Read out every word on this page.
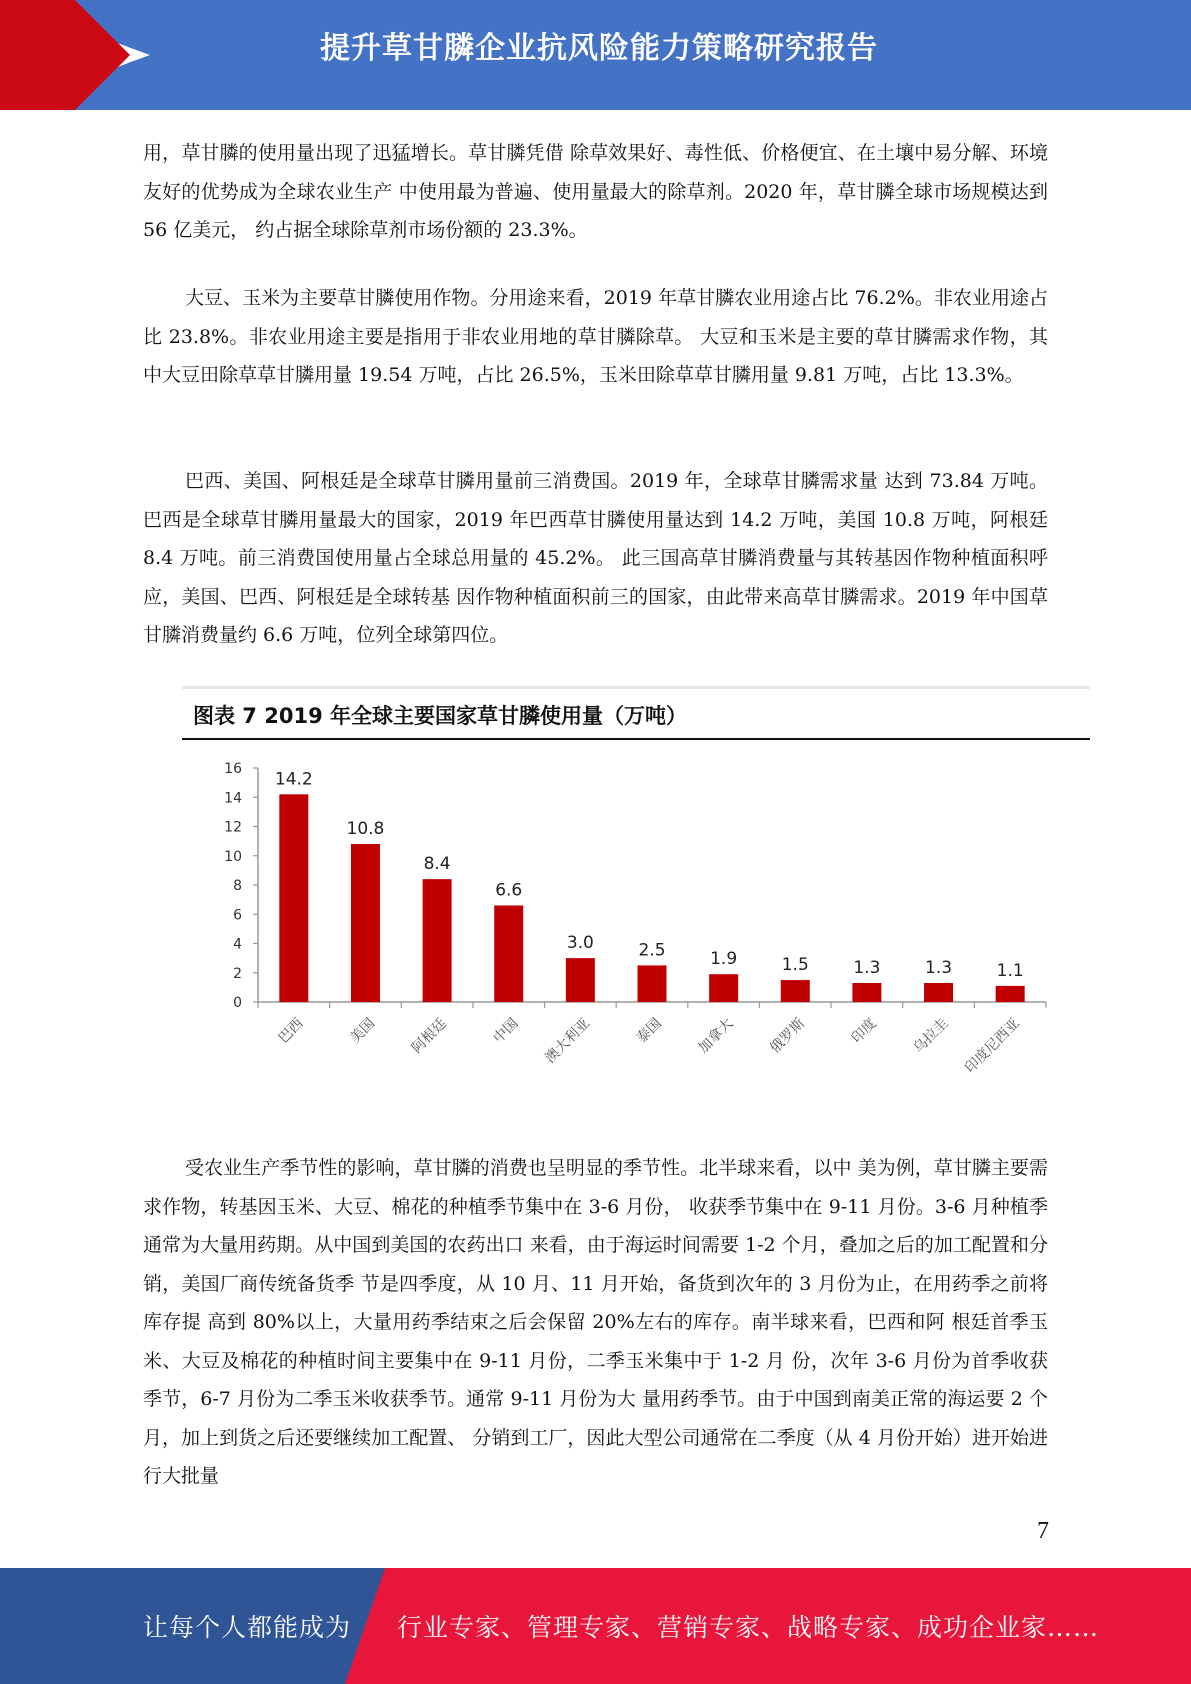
提升草甘膦企业抗风险能力策略研究报告

用，草甘膦的使用量出现了迅猛增长。草甘膦凭借 除草效果好、毒性低、价格便宜、在土壤中易分解、环境友好的优势成为全球农业生产 中使用最为普遍、使用量最大的除草剂。2020 年，草甘膦全球市场规模达到 56 亿美元， 约占据全球除草剂市场份额的 23.3%。

大豆、玉米为主要草甘膦使用作物。分用途来看，2019 年草甘膦农业用途占比 76.2%。非农业用途占比 23.8%。非农业用途主要是指用于非农业用地的草甘膦除草。 大豆和玉米是主要的草甘膦需求作物，其中大豆田除草草甘膦用量 19.54 万吨，占比 26.5%，玉米田除草草甘膦用量 9.81 万吨，占比 13.3%。

巴西、美国、阿根廷是全球草甘膦用量前三消费国。2019 年，全球草甘膦需求量 达到 73.84 万吨。巴西是全球草甘膦用量最大的国家，2019 年巴西草甘膦使用量达到 14.2 万吨，美国 10.8 万吨，阿根廷 8.4 万吨。前三消费国使用量占全球总用量的 45.2%。 此三国高草甘膦消费量与其转基因作物种植面积呼应，美国、巴西、阿根廷是全球转基 因作物种植面积前三的国家，由此带来高草甘膦需求。2019 年中国草甘膦消费量约 6.6 万吨，位列全球第四位。

图表 7 2019 年全球主要国家草甘膦使用量（万吨）
0
2
4
6
8
10
12
14
16
巴西	美国 阿根廷	中国 澳大利亚	泰国 加拿大 俄罗斯	印度 乌拉圭 印度尼西亚
14.2
10.8
8.4
6.6
3.0	2.5	1.9	1.5	1.3	1.3	1.1

受农业生产季节性的影响，草甘膦的消费也呈明显的季节性。北半球来看，以中 美为例，草甘膦主要需求作物，转基因玉米、大豆、棉花的种植季节集中在 3-6 月份， 收获季节集中在 9-11 月份。3-6 月种植季通常为大量用药期。从中国到美国的农药出口 来看，由于海运时间需要 1-2 个月，叠加之后的加工配置和分销，美国厂商传统备货季 节是四季度，从 10 月、11 月开始，备货到次年的 3 月份为止，在用药季之前将库存提 高到 80%以上，大量用药季结束之后会保留 20%左右的库存。南半球来看，巴西和阿 根廷首季玉米、大豆及棉花的种植时间主要集中在 9-11 月份，二季玉米集中于 1-2 月 份，次年 3-6 月份为首季收获季节，6-7 月份为二季玉米收获季节。通常 9-11 月份为大 量用药季节。由于中国到南美正常的海运要 2 个月，加上到货之后还要继续加工配置、 分销到工厂，因此大型公司通常在二季度（从 4 月份开始）进开始进行大批量

7
让每个人都能成为 行业专家、管理专家、营销专家、战略专家、成功企业家……
